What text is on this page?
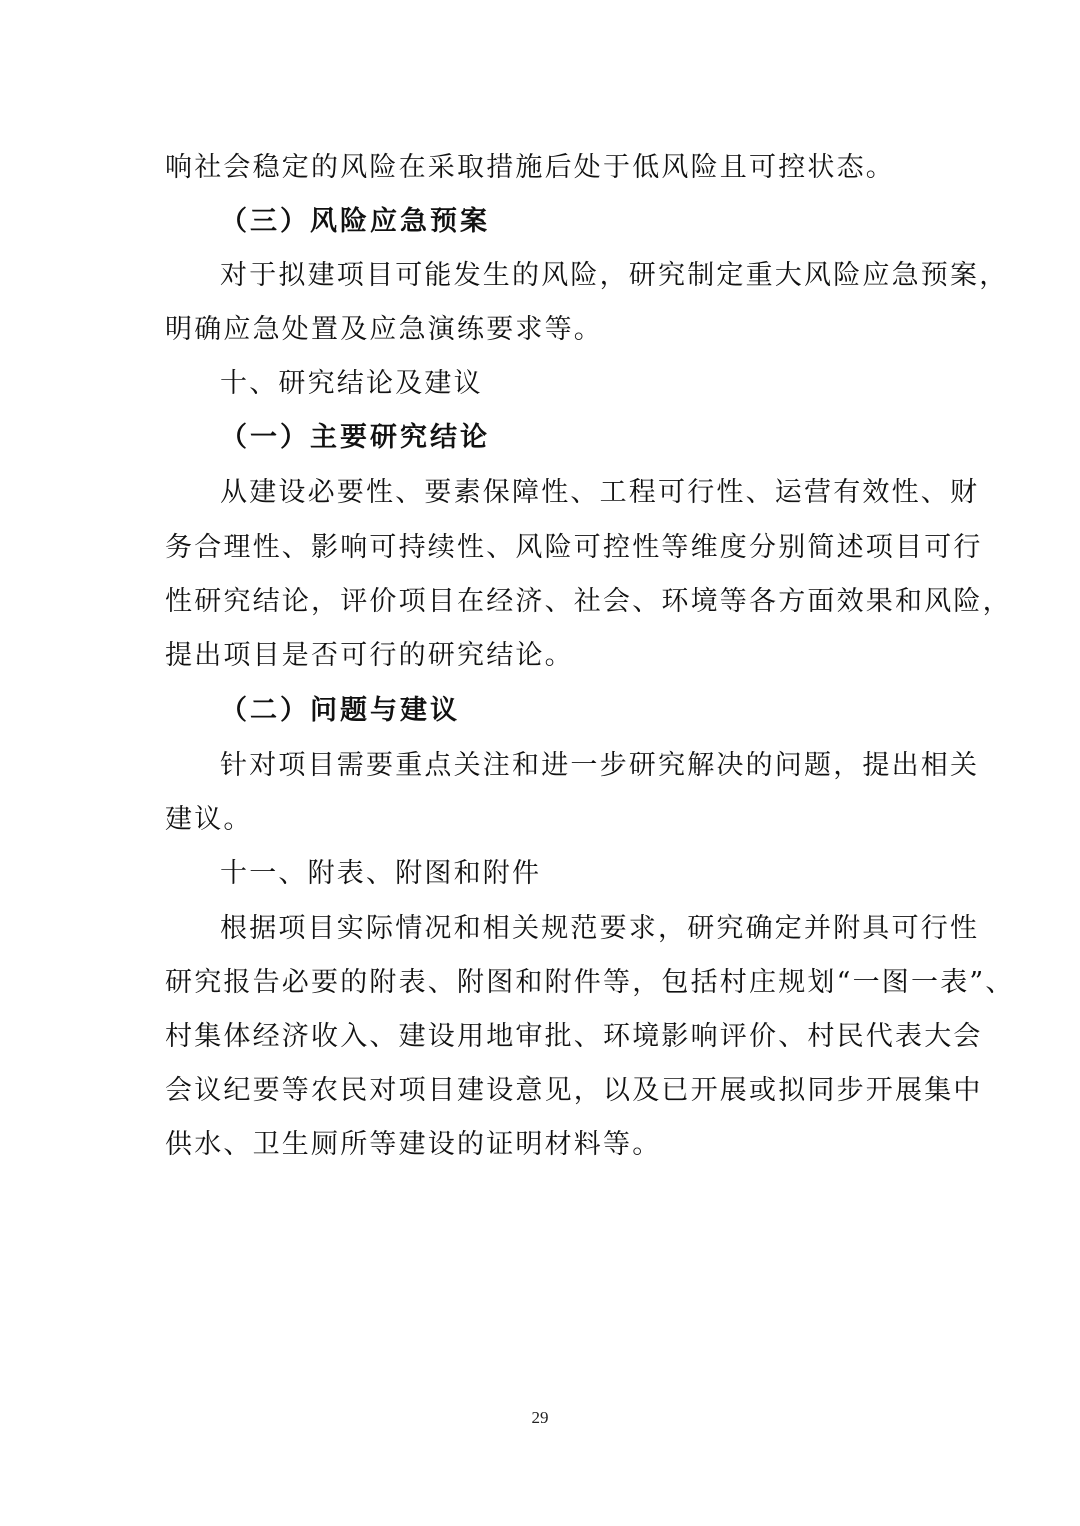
响社会稳定的风险在采取措施后处于低风险且可控状态。
（三）风险应急预案
对于拟建项目可能发生的风险，研究制定重大风险应急预案，
明确应急处置及应急演练要求等。
十、研究结论及建议
（一）主要研究结论
从建设必要性、要素保障性、工程可行性、运营有效性、财
务合理性、影响可持续性、风险可控性等维度分别简述项目可行
性研究结论，评价项目在经济、社会、环境等各方面效果和风险，
提出项目是否可行的研究结论。
（二）问题与建议
针对项目需要重点关注和进一步研究解决的问题，提出相关
建议。
十一、附表、附图和附件
根据项目实际情况和相关规范要求，研究确定并附具可行性
研究报告必要的附表、附图和附件等，包括村庄规划“一图一表”、
村集体经济收入、建设用地审批、环境影响评价、村民代表大会
会议纪要等农民对项目建设意见，以及已开展或拟同步开展集中
供水、卫生厕所等建设的证明材料等。
29
